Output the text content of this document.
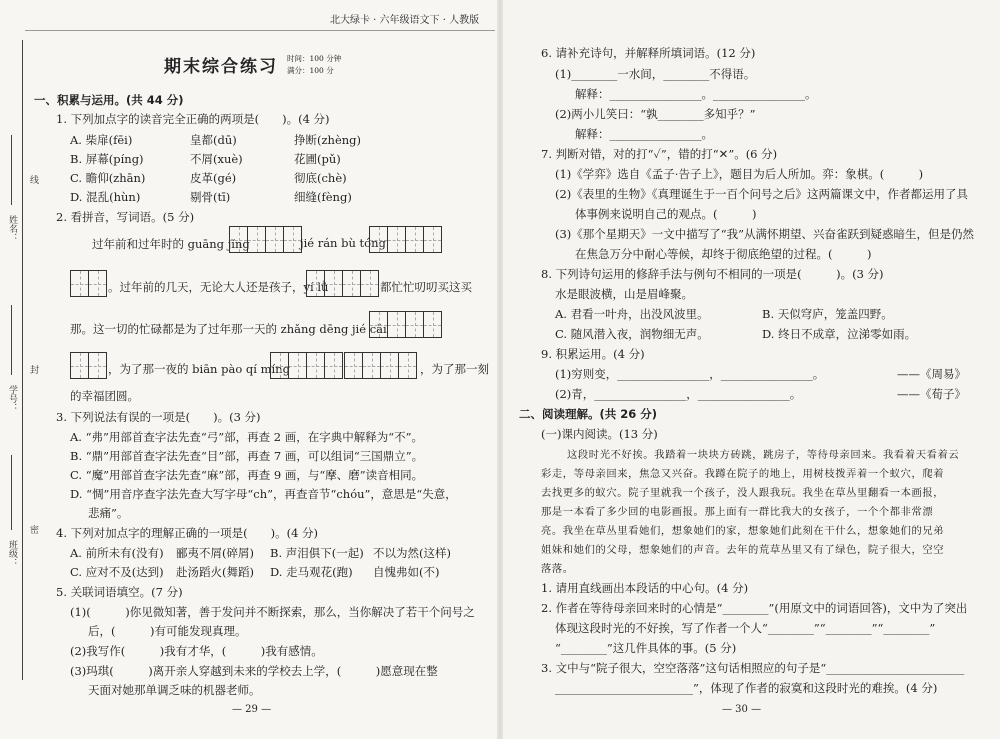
北大绿卡 · 六年级语文下 · 人教版
期末综合练习 时间：100 分钟
满分：100 分
线
姓名：
封
学号：
密
班级：
一、积累与运用。(共 44 分)
1. 下列加点字的读音完全正确的两项是(　　)。(4 分)
A. 柴扉(fēi)	皇都(dū)	挣断(zhèng)
B. 屏幕(píng)	不屑(xuè)	花圃(pǔ)
C. 瞻仰(zhān)	皮革(gé)	彻底(chè)
D. 混乱(hùn)	剔骨(tī)	细缝(fèng)
2. 看拼音，写词语。(5 分)
过年前和过年时的 guāng jǐng	jié rán bù tóng
。过年前的几天，无论大人还是孩子，yí lǜ	都忙忙叨叨买这买
那。这一切的忙碌都是为了过年那一天的 zhǎng dēng jié cǎi
，为了那一夜的 biān pào qí míng	，为了那一刻
的幸福团圆。
3. 下列说法有误的一项是(　　)。(3 分)
A. “弗”用部首查字法先查“弓”部，再查 2 画，在字典中解释为“不”。
B. “鼎”用部首查字法先查“目”部，再查 7 画，可以组词“三国鼎立”。
C. “魔”用部首查字法先查“麻”部，再查 9 画，与“摩、磨”读音相同。
D. “惆”用音序查字法先查大写字母“ch”，再查音节“chóu”，意思是“失意，
悲痛”。
4. 下列对加点字的理解正确的一项是(　　)。(4 分)
A. 前所未有(没有) 郦夷不屑(碎屑) B. 声泪俱下(一起) 不以为然(这样)
C. 应对不及(达到) 赴汤蹈火(舞蹈) D. 走马观花(跑) 自愧弗如(不)
5. 关联词语填空。(7 分)
(1)(　　　)你见微知著，善于发问并不断探索，那么，当你解决了若干个问号之
后，(　　　)有可能发现真理。
(2)我写作(　　　)我有才华，(　　　)我有感情。
(3)玛琪(　　　)离开亲人穿越到未来的学校去上学，(　　　)愿意现在整
天面对她那单调乏味的机器老师。
— 29 —
6. 请补充诗句，并解释所填词语。(12 分)
(1)________一水间，________不得语。
解释：________________。________________。
(2)两小儿笑曰：“孰________多知乎？”
解释：________________。
7. 判断对错，对的打“✓”，错的打“✕”。(6 分)
(1)《学弈》选自《孟子·告子上》，题目为后人所加。弈：象棋。(　　　)
(2)《表里的生物》《真理诞生于一百个问号之后》这两篇课文中，作者都运用了具
体事例来说明自己的观点。(　　　)
(3)《那个星期天》一文中描写了“我”从满怀期望、兴奋雀跃到疑惑暗生，但是仍然
在焦急万分中耐心等候，却终于彻底绝望的过程。(　　　)
8. 下列诗句运用的修辞手法与例句不相同的一项是(　　　)。(3 分)
水是眼波横，山是眉峰聚。
A. 君看一叶舟，出没风波里。	B. 天似穹庐，笼盖四野。
C. 随风潜入夜，润物细无声。	D. 终日不成章，泣涕零如雨。
9. 积累运用。(4 分)
(1)穷则变，________________，________________。	——《周易》
(2)青，________________，________________。	——《荀子》
二、阅读理解。(共 26 分)
(一)课内阅读。(13 分)
这段时光不好挨。我踏着一块块方砖跳，跳房子，等待母亲回来。我看着天看着云
彩走，等母亲回来，焦急又兴奋。我蹲在院子的地上，用树枝拨弄着一个蚁穴，爬着
去找更多的蚁穴。院子里就我一个孩子，没人跟我玩。我坐在草丛里翻看一本画报，
那是一本看了多少回的电影画报。那上面有一群比我大的女孩子，一个个都非常漂
亮。我坐在草丛里看她们，想象她们的家，想象她们此刻在干什么，想象她们的兄弟
姐妹和她们的父母，想象她们的声音。去年的荒草丛里又有了绿色，院子很大，空空
落落。
1. 请用直线画出本段话的中心句。(4 分)
2. 作者在等待母亲回来时的心情是“________”(用原文中的词语回答)，文中为了突出
体现这段时光的不好挨，写了作者一个人“________”“________”“________”
“________”这几件具体的事。(5 分)
3. 文中与“院子很大，空空落落”这句话相照应的句子是“________________________
________________________”，体现了作者的寂寞和这段时光的难挨。(4 分)
— 30 —
